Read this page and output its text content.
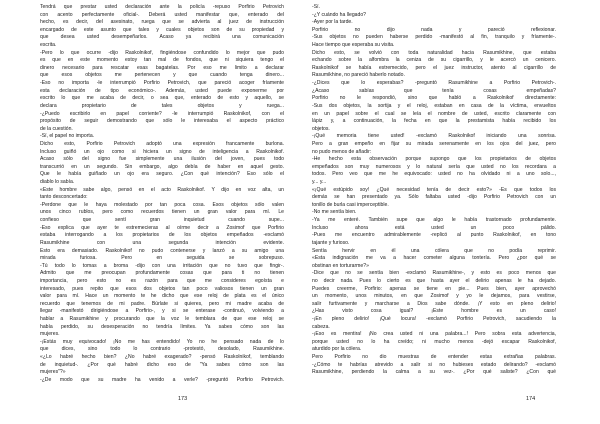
Tendrá que prestar usted declaración ante la policía -repuso Porfirio Petrovich
con acento perfectamente oficial-. Deberá usted manifestar que, enterado del
hecho, es decir, del asesinato, ruega que se advierta al juez de instrucción
encargado de este asunto que tales y cuales objetos son de su propiedad y
que desea usted desempeñarlos. Acaso ya recibirá una comunicación
escrita.
-Pero lo que ocurre -dijo Raskolnikof, fingiéndose confundido lo mejor que pudo
es que en este momento estoy tan mal de fondos, que ni siquiera tengo el
dinero necesario para rescatar esas bagatelas. Por eso me limito a declarar
que esos objetos me pertenecen y que cuando tenga dinero...
-Eso no importa -le interrumpió Porfirio Petrovich, que pareció acoger fríamente
esta declaración de tipo económico-. Además, usted puede exponerme por
escrito lo que me acaba de decir, o sea que, enterado de esto y aquello, se
declara propietario de tales objetos y ruega...
-¿Puedo escribirlo en papel corriente? -le interrumpió Raskolnikof, con el
propósito de seguir demostrando que sólo le interesaba el aspecto práctico
de la cuestión.
-Sí, el papel no importa.
Dicho esto, Porfirio Petrovich adoptó una expresión francamente burlona.
Incluso guiñó un ojo como si hiciera un signo de inteligencia a Raskolnikof.
Acaso sólo del signo fue simplemente una ilusión del joven, pues todo
transcurrió en un segundo. Sin embargo, algo debía de haber en aquel gesto.
Que le había guiñado un ojo era seguro. ¿Con qué intención? Eso sólo el
diablo lo sabía.
«Este hombre sabe algo, pensó en el acto Raskolnikof. Y dijo en voz alta, un
tanto desconcertado:
-Perdone que le haya molestado por tan poca cosa. Esos objetos sólo valen
unos cinco rublos, pero como recuerdos tienen un gran valor para mí. Le
confieso que sentí gran inquietud cuando supe...
-Eso explica que ayer te estremecieras al oírme decir a Zosimof que Porfirio
estaba interrogando a los propietarios de los objetos empeñados -exclamó
Rasumikhine con una segunda intención evidente.
Esto era demasiado. Raskolnikof no pudo contenerse y lanzó a su amigo una
mirada furiosa. Pero en seguida se sobrepuso.
-Tú todo lo tomas a broma -dijo con una irritación que no tuvo que fingir-.
Admito que me preocupan profundamente cosas que para ti no tienen
importancia, pero esto no es razón para que me consideres egoísta e
interesado, pues repito que esos dos objetos tan poco valiosos tienen un gran
valor para mí. Hace un momento te he dicho que ese reloj de plata es el único
recuerdo que tenemos de mi padre. Búrlate si quieres, pero mi madre acaba de
llegar -manifestó dirigiéndose a Porfirio-, y si se enterase -continuó, volviendo a
hablar a Rasumikhine y procurando que la voz le temblara de que ese reloj se
había perdido, su desesperación no tendría límites. Ya sabes cómo son las
mujeres.
-¡Estás muy equivocado! ¡No me has entendido! Yo no he pensado nada de lo
que dices, sino todo lo contrario -protestó, desolado, Rasumikhine.
«¿Lo habré hecho bien? ¿No habré exagerado? -pensó Raskolnikof, temblando
de inquietud-. ¿Por qué habré dicho eso de "Ya sabes cómo son las
mujeres"?»
-¿De modo que su madre ha venido a verle? -preguntó Porfirio Petrovich.
173
-Sí.
-¿Y cuándo ha llegado?
-Ayer por la tarde.
Porfirio no dijo nada y pareció reflexionar.
-Sus objetos no pueden haberse perdido -manifestó al fin, tranquilo y fríamente-.
Hace tiempo que esperaba su visita.
Dicho esto, se volvió con toda naturalidad hacia Rasumikhine, que estaba
echando sobre la alfombra la ceniza de su cigarrillo, y le acercó un cenicero.
Raskolnikof se había estremecido, pero el juez instructor, atento al cigarrillo de
Rasumikhine, no pareció haberlo notado.
-¿Dices que lo esperabas? -preguntó Rasumikhine a Porfirio Petrovich-.
¿Acaso sabías que tenía cosas empeñadas?
Porfirio no le respondió, sino que habló a Raskolnikof directamente:
-Sus dos objetos, la sortija y el reloj, estaban en casa de la víctima, envueltos
en un papel sobre el cual se leía el nombre de usted, escrito claramente con
lápiz y, a continuación, la fecha en que la prestamista había recibido los
objetos.
-¡Qué memoria tiene usted! -exclamó Raskolnikof iniciando una sonrisa.
Pero a gran empeño en fijar su mirada serenamente en los ojos del juez, pero
no pudo menos de añadir:
-He hecho esta observación porque supongo que los propietarios de objetos
empeñados son muy numerosos y lo natural sería que usted no los recordara a
todos. Pero veo que me he equivocado: usted no ha olvidado ni a uno solo...,
y... y...
«¡Qué estúpido soy! ¿Qué necesidad tenía de decir esto?» -Es que todos los
demás se han presentado ya. Sólo faltaba usted -dijo Porfirio Petrovich con un
tonillo de burla casi imperceptible.
-No me sentía bien.
-Ya me enteré. También supe que algo le había trastornado profundamente.
Incluso ahora está usted un poco pálido.
-Pues me encuentro admirablemente -replicó al punto Raskolnikof, en tono
tajante y furioso.
Sentía hervir en él una cólera que no podía reprimir.
«Esta indignación me va a hacer cometer alguna tontería. Pero ¿por qué se
obstinan en torturarme?»
-Dice que no se sentía bien -exclamó Rasumikhine-, y esto es poco menos que
no decir nada. Pues lo cierto es que hasta ayer el delirio apenas le ha dejado.
Puedes creerme, Porfirio: apenas se tiene en pie... Pues bien, ayer aprovechó
un momento, unos minutos, en que Zosimof y yo le dejamos, para vestirse,
salir furtivamente y marcharse a Dios sabe dónde. ¡Y esto en pleno delirio!
¿Has visto cosa igual? ¡Este hombre es un caso!
-¡En pleno delirio! ¡Qué locura! -exclamó Porfirio Petrovich, sacudiendo la
cabeza.
-¡Eso es mentira! ¡No crea usted ni una palabra...! Pero sobra esta advertencia,
porque usted no lo ha creído; ni mucho menos -dejó escapar Raskolnikof,
aturdido por la cólera.
Pero Porfirio no dio muestras de entender estas extrañas palabras.
-¿Cómo te habrías atrevido a salir si no hubieses estado delirando? -exclamó
Rasumikhine, perdiendo la calma a su vez-. ¿Por qué saliste? ¿Con qué
174
